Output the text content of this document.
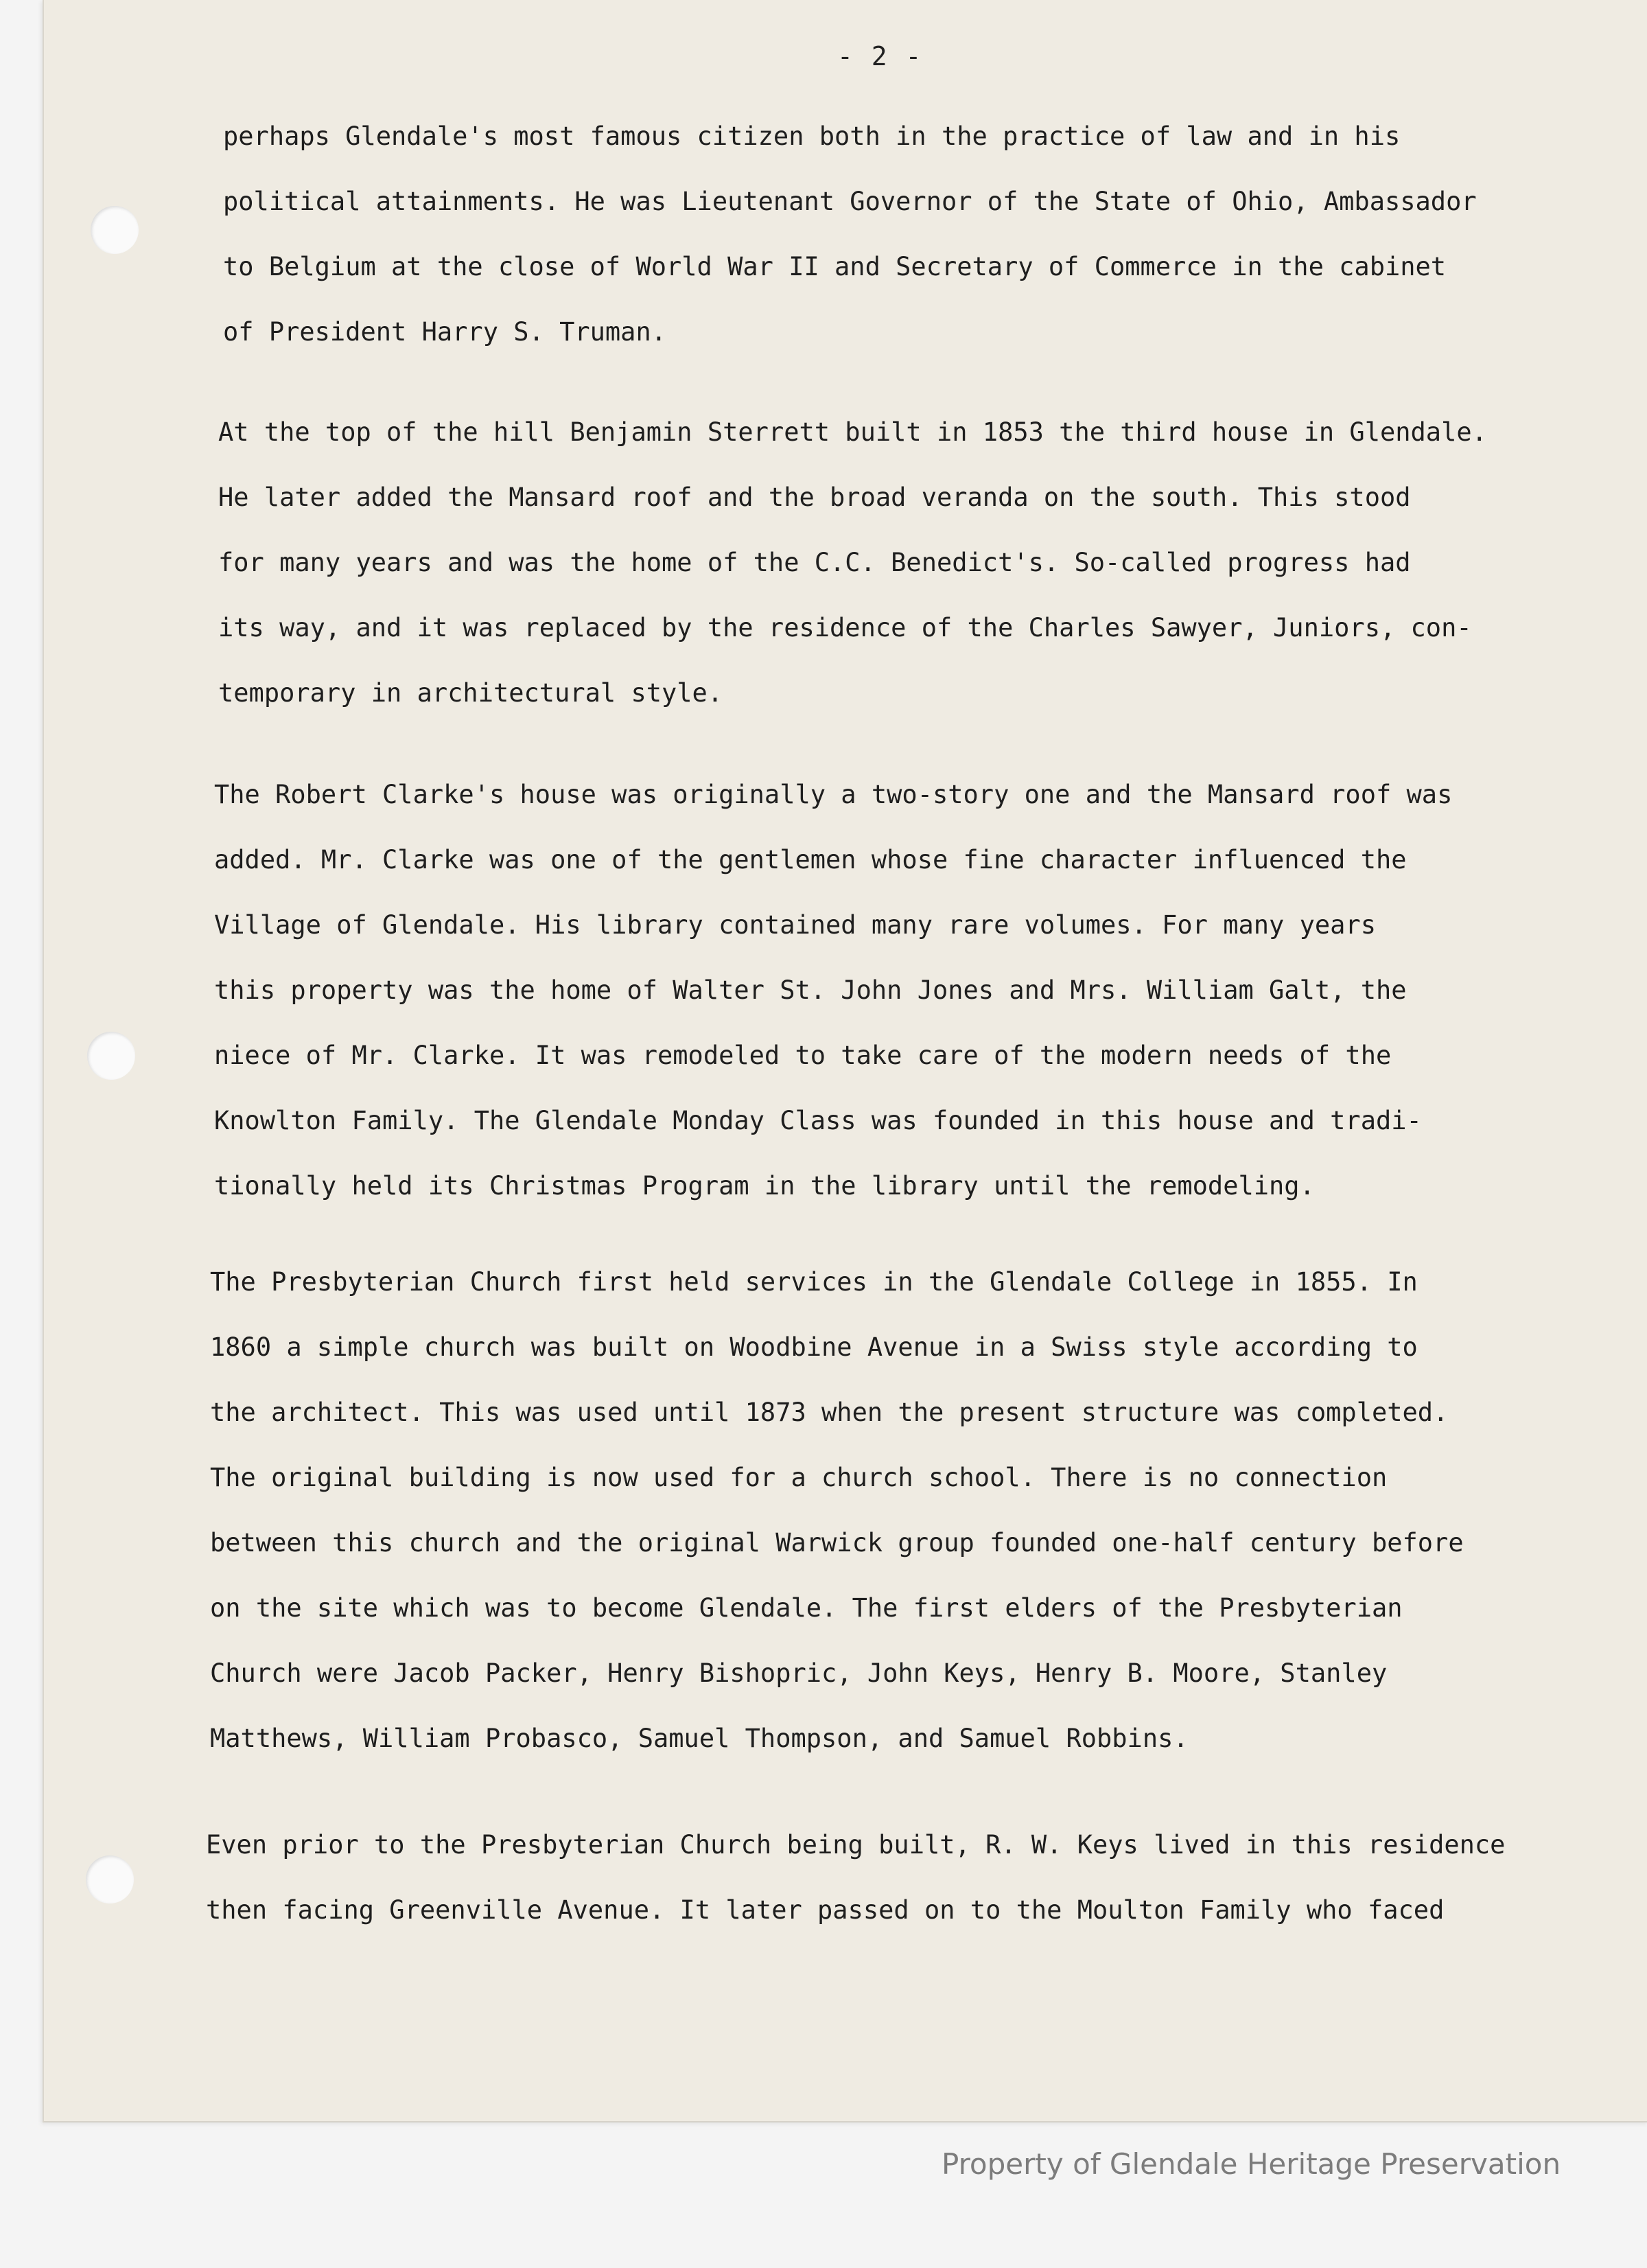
- 2 -
perhaps Glendale's most famous citizen both in the practice of law and in his
political attainments. He was Lieutenant Governor of the State of Ohio, Ambassador
to Belgium at the close of World War II and Secretary of Commerce in the cabinet
of President Harry S. Truman.
At the top of the hill Benjamin Sterrett built in 1853 the third house in Glendale.
He later added the Mansard roof and the broad veranda on the south. This stood
for many years and was the home of the C.C. Benedict's. So-called progress had
its way, and it was replaced by the residence of the Charles Sawyer, Juniors, con-
temporary in architectural style.
The Robert Clarke's house was originally a two-story one and the Mansard roof was
added. Mr. Clarke was one of the gentlemen whose fine character influenced the
Village of Glendale. His library contained many rare volumes. For many years
this property was the home of Walter St. John Jones and Mrs. William Galt, the
niece of Mr. Clarke. It was remodeled to take care of the modern needs of the
Knowlton Family. The Glendale Monday Class was founded in this house and tradi-
tionally held its Christmas Program in the library until the remodeling.
The Presbyterian Church first held services in the Glendale College in 1855. In
1860 a simple church was built on Woodbine Avenue in a Swiss style according to
the architect. This was used until 1873 when the present structure was completed.
The original building is now used for a church school. There is no connection
between this church and the original Warwick group founded one-half century before
on the site which was to become Glendale. The first elders of the Presbyterian
Church were Jacob Packer, Henry Bishopric, John Keys, Henry B. Moore, Stanley
Matthews, William Probasco, Samuel Thompson, and Samuel Robbins.
Even prior to the Presbyterian Church being built, R. W. Keys lived in this residence
then facing Greenville Avenue. It later passed on to the Moulton Family who faced
Property of Glendale Heritage Preservation
